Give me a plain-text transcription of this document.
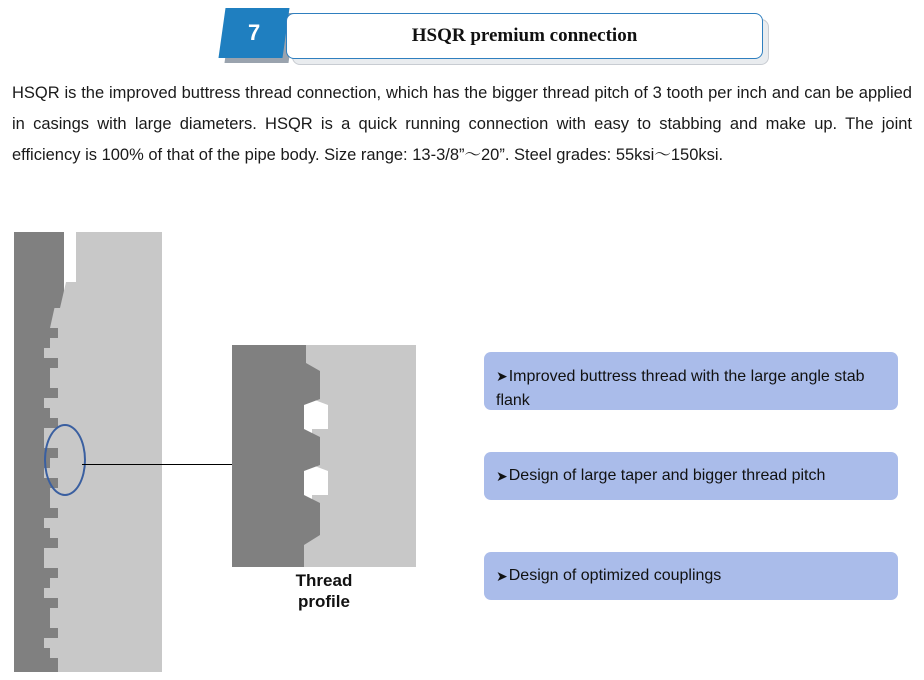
7	HSQR premium connection
HSQR is the improved buttress thread connection, which has the bigger thread pitch of 3 tooth per inch and can be applied in casings with large diameters. HSQR is a quick running connection with easy to stabbing and make up. The joint efficiency is 100% of that of the pipe body. Size range: 13-3/8”～20”. Steel grades: 55ksi～150ksi.
Thread
profile
➤Improved buttress thread with the large angle stab flank
➤ Design of large taper and bigger thread pitch
➤ Design of optimized couplings
